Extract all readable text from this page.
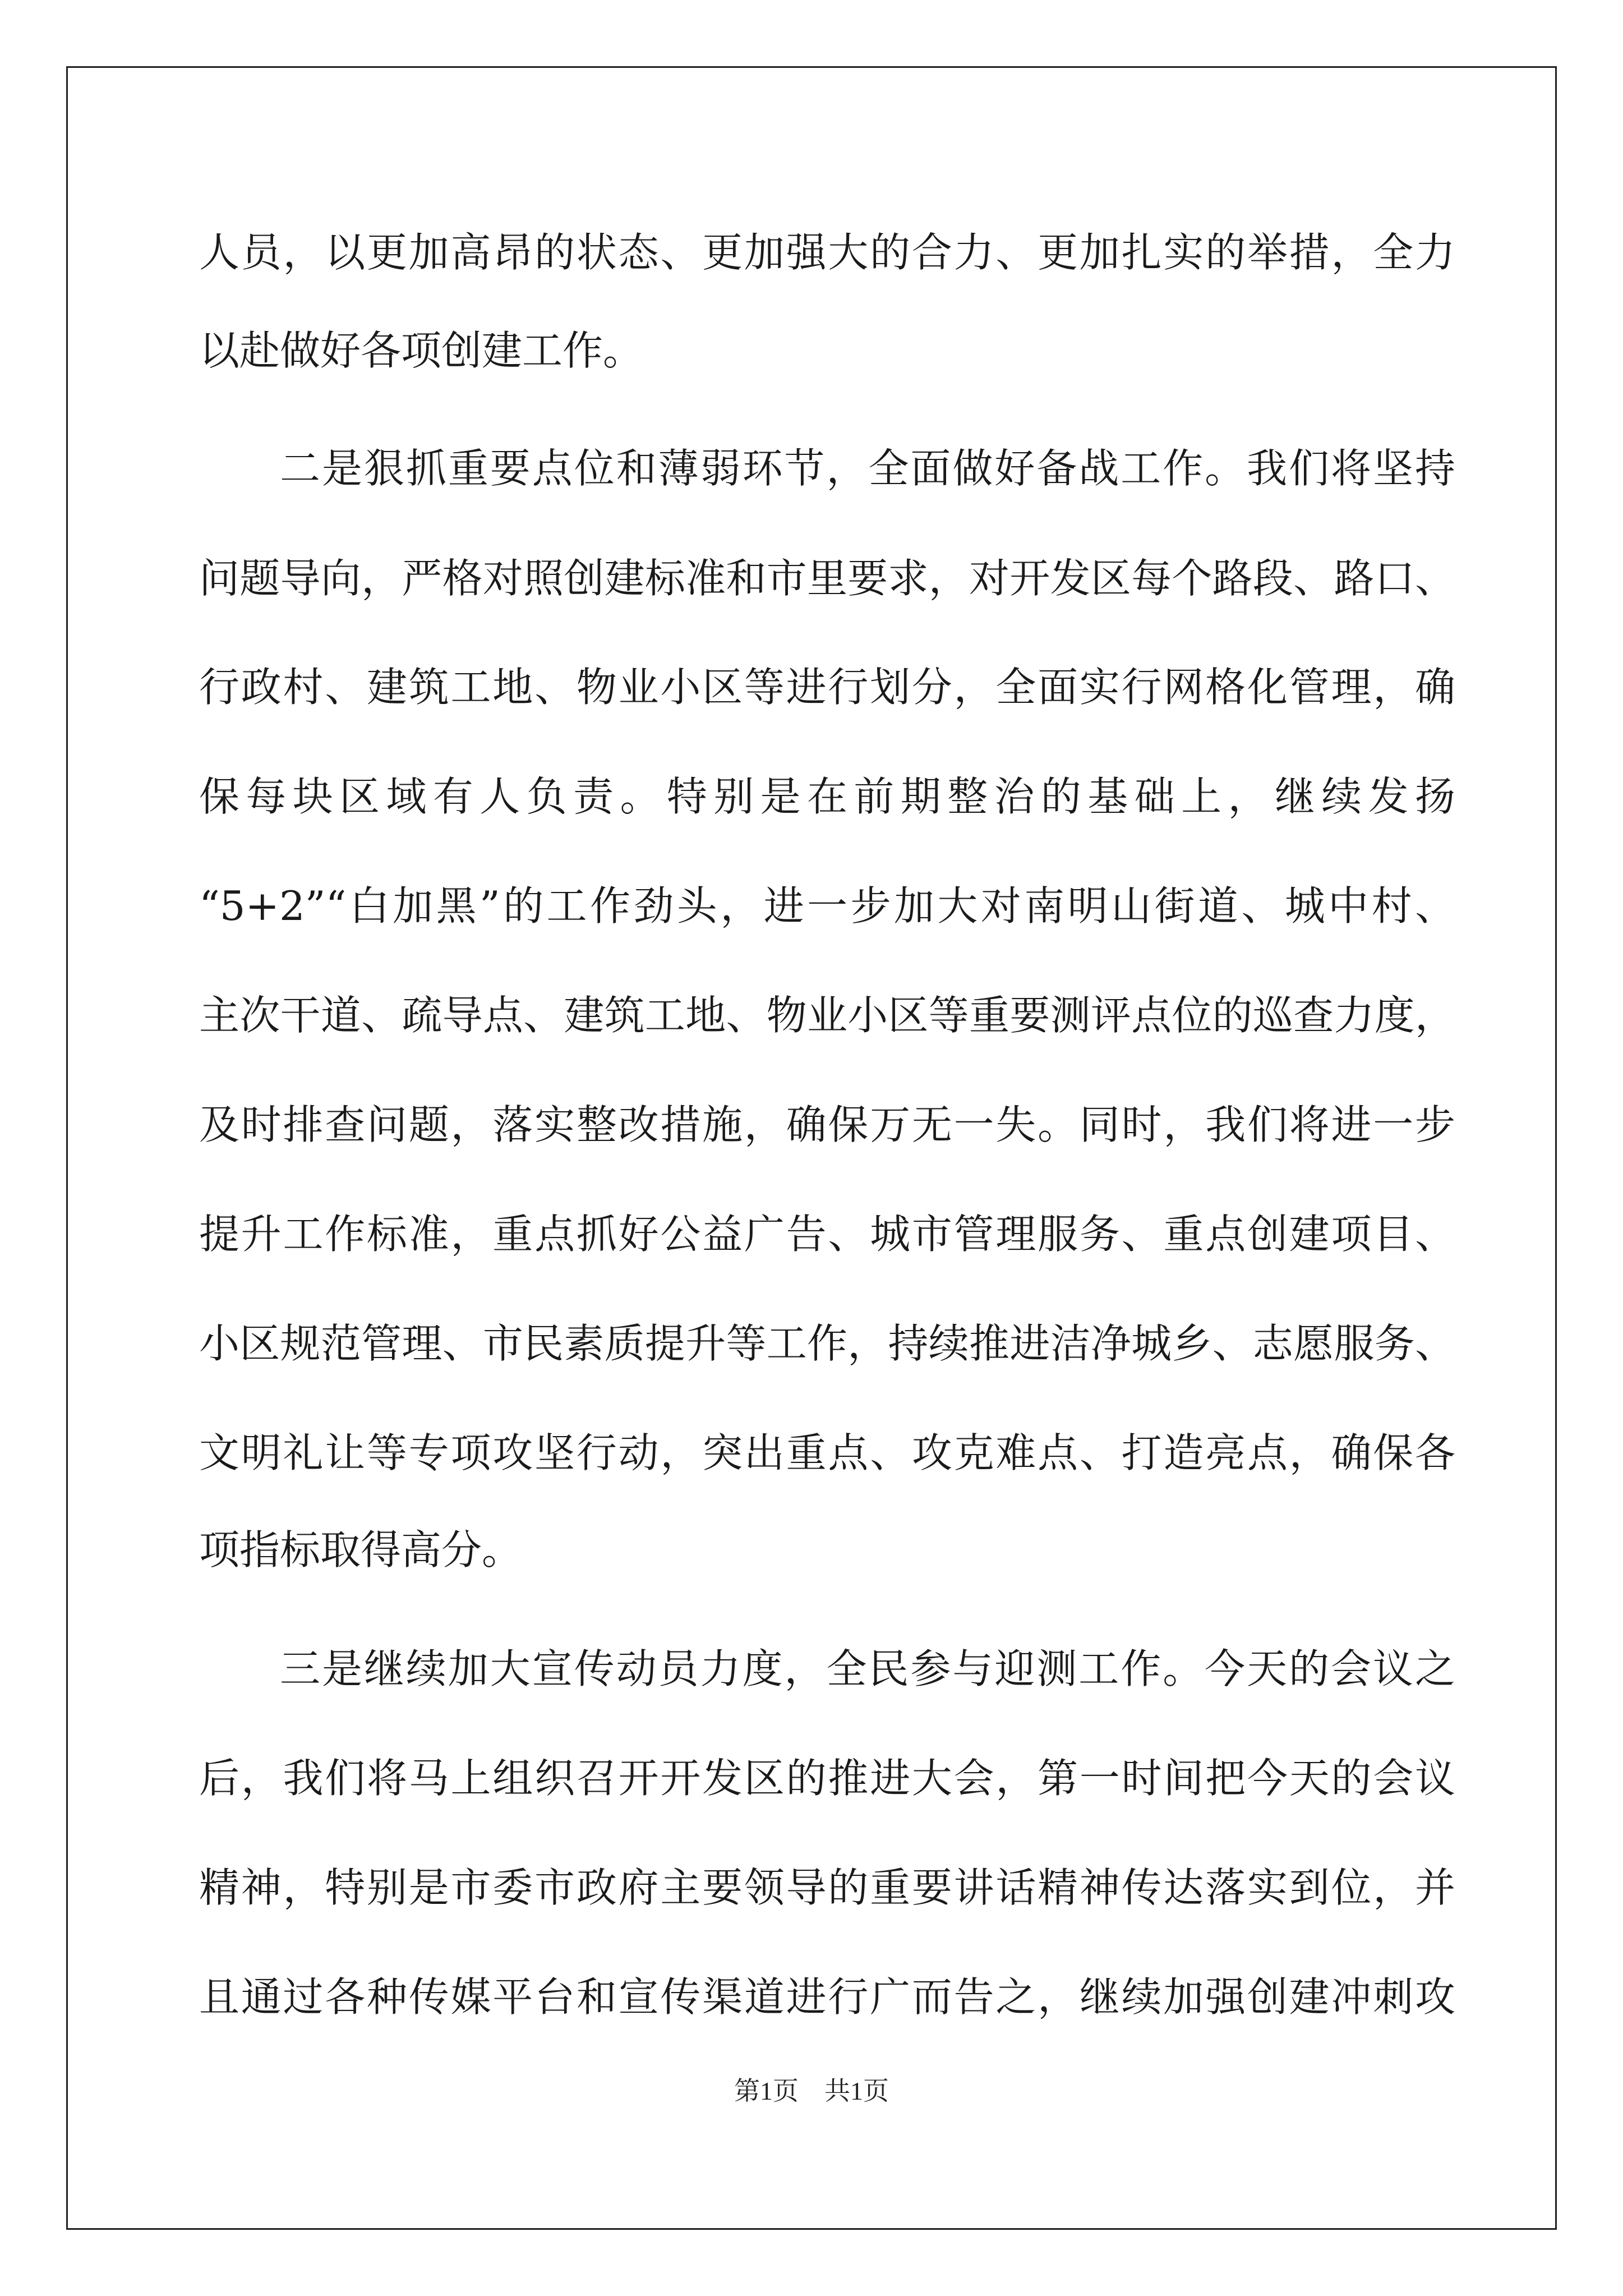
人员，以更加高昂的状态、更加强大的合力、更加扎实的举措，全力
以赴做好各项创建工作。
二是狠抓重要点位和薄弱环节，全面做好备战工作。我们将坚持
问题导向，严格对照创建标准和市里要求，对开发区每个路段、路口、
行政村、建筑工地、物业小区等进行划分，全面实行网格化管理，确
保每块区域有人负责。特别是在前期整治的基础上，继续发扬
“5+2”“白加黑”的工作劲头，进一步加大对南明山街道、城中村、
主次干道、疏导点、建筑工地、物业小区等重要测评点位的巡查力度，
及时排查问题，落实整改措施，确保万无一失。同时，我们将进一步
提升工作标准，重点抓好公益广告、城市管理服务、重点创建项目、
小区规范管理、市民素质提升等工作，持续推进洁净城乡、志愿服务、
文明礼让等专项攻坚行动，突出重点、攻克难点、打造亮点，确保各
项指标取得高分。
三是继续加大宣传动员力度，全民参与迎测工作。今天的会议之
后，我们将马上组织召开开发区的推进大会，第一时间把今天的会议
精神，特别是市委市政府主要领导的重要讲话精神传达落实到位，并
且通过各种传媒平台和宣传渠道进行广而告之，继续加强创建冲刺攻
第1页　共1页
